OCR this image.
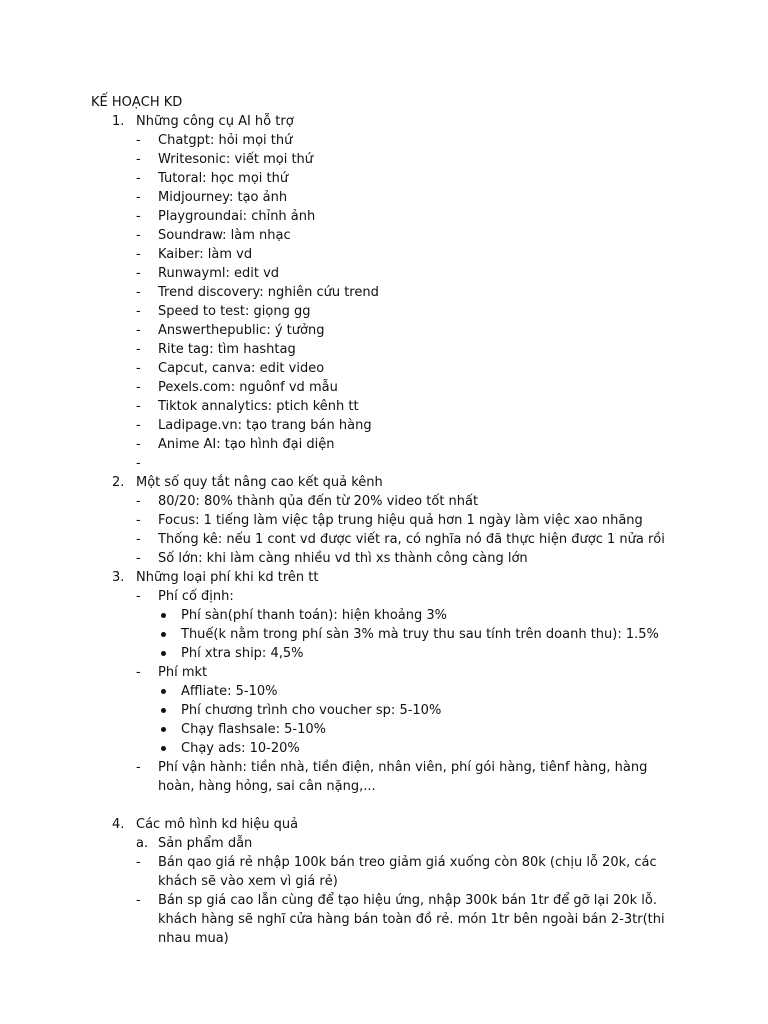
KẾ HOẠCH KD
1. Những công cụ AI hỗ trợ
- Chatgpt: hỏi mọi thứ
- Writesonic: viết mọi thứ
- Tutoral: học mọi thứ
- Midjourney: tạo ảnh
- Playgroundai: chỉnh ảnh
- Soundraw: làm nhạc
- Kaiber: làm vd
- Runwayml: edit vd
- Trend discovery: nghiên cứu trend
- Speed to test: giọng gg
- Answerthepublic: ý tưởng
- Rite tag: tìm hashtag
- Capcut, canva: edit video
- Pexels.com: nguônf vd mẫu
- Tiktok annalytics: ptich kênh tt
- Ladipage.vn: tạo trang bán hàng
- Anime AI: tạo hình đại diện
-
2. Một số quy tắt nâng cao kết quả kênh
- 80/20: 80% thành qủa đến từ 20% video tốt nhất
- Focus: 1 tiếng làm việc tập trung hiệu quả hơn 1 ngày làm việc xao nhãng
- Thống kê: nếu 1 cont vd được viết ra, có nghĩa nó đã thực hiện được 1 nửa rồi
- Số lớn: khi làm càng nhiều vd thì xs thành công càng lớn
3. Những loại phí khi kd trên tt
- Phí cố định:
Phí sàn(phí thanh toán): hiện khoảng 3%
Thuế(k nằm trong phí sàn 3% mà truy thu sau tính trên doanh thu): 1.5%
Phí xtra ship: 4,5%
- Phí mkt
Affliate: 5-10%
Phí chương trình cho voucher sp: 5-10%
Chạy flashsale: 5-10%
Chạy ads: 10-20%
- Phí vận hành: tiền nhà, tiền điện, nhân viên, phí gói hàng, tiênf hàng, hàng hoàn, hàng hỏng, sai cân nặng,...
4. Các mô hình kd hiệu quả
a. Sản phẩm dẫn
- Bán qao giá rẻ nhập 100k bán treo giảm giá xuống còn 80k (chịu lỗ 20k, các khách sẽ vào xem vì giá rẻ)
- Bán sp giá cao lẫn cùng để tạo hiệu ứng, nhập 300k bán 1tr để gỡ lại 20k lỗ. khách hàng sẽ nghĩ cửa hàng bán toàn đồ rẻ. món 1tr bên ngoài bán 2-3tr(thi nhau mua)
